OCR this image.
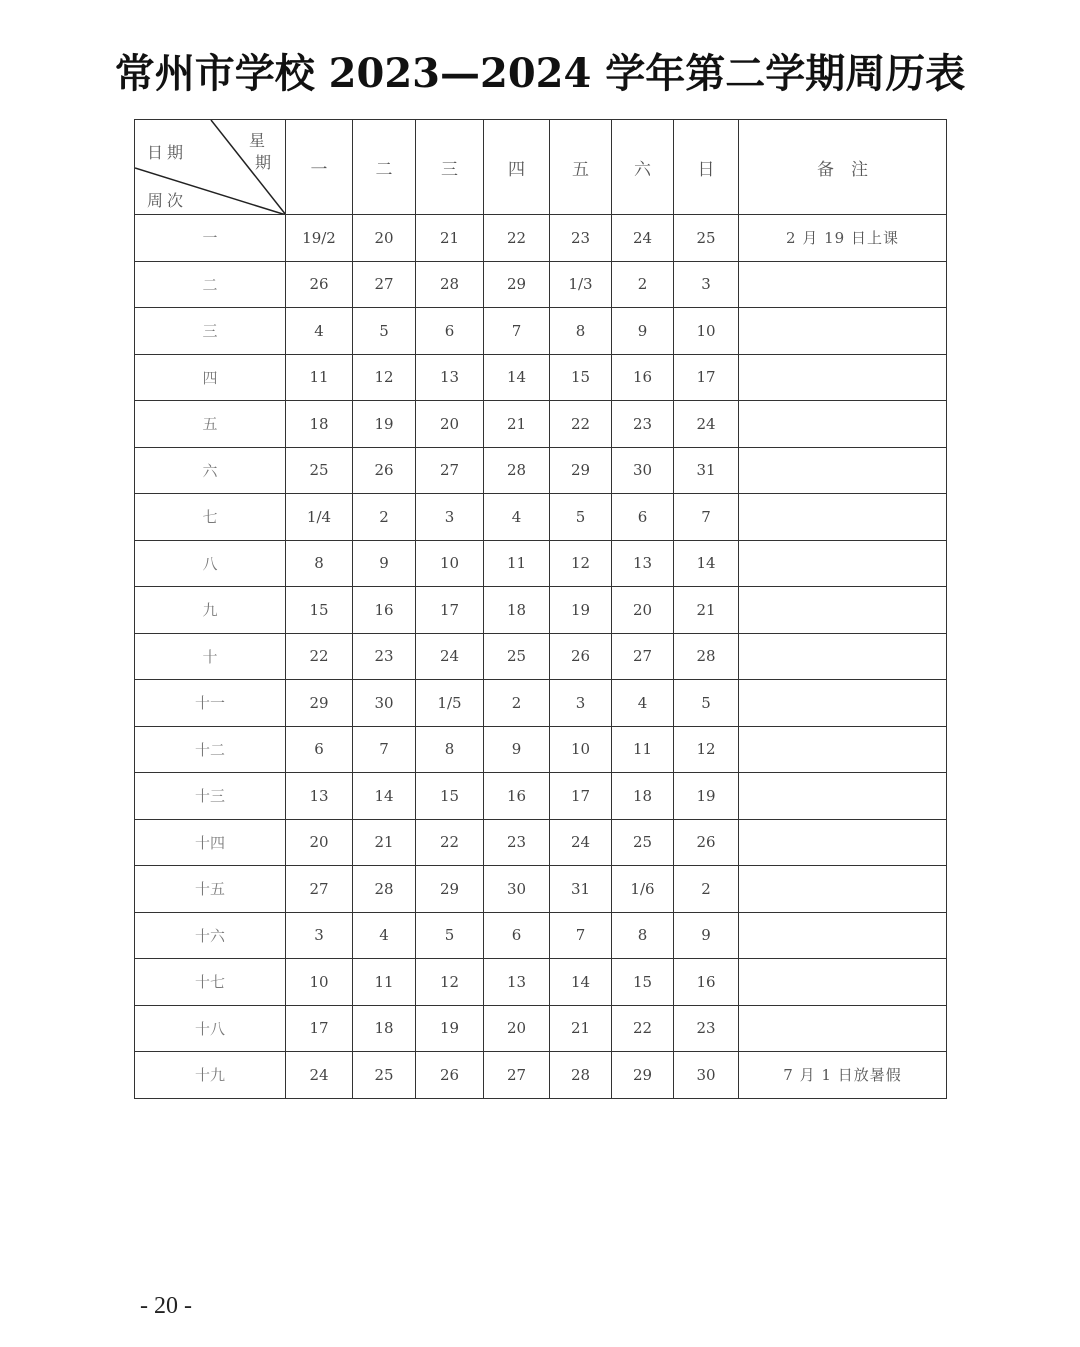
常州市学校 2023—2024 学年第二学期周历表
星
期
日期
周次	一	二	三	四	五	六	日	备　注
一	19/2	20	21	22	23	24	25	2 月 19 日上课
二	26	27	28	29	1/3	2	3	
三	4	5	6	7	8	9	10	
四	11	12	13	14	15	16	17	
五	18	19	20	21	22	23	24	
六	25	26	27	28	29	30	31	
七	1/4	2	3	4	5	6	7	
八	8	9	10	11	12	13	14	
九	15	16	17	18	19	20	21	
十	22	23	24	25	26	27	28	
十一	29	30	1/5	2	3	4	5	
十二	6	7	8	9	10	11	12	
十三	13	14	15	16	17	18	19	
十四	20	21	22	23	24	25	26	
十五	27	28	29	30	31	1/6	2	
十六	3	4	5	6	7	8	9	
十七	10	11	12	13	14	15	16	
十八	17	18	19	20	21	22	23	
十九	24	25	26	27	28	29	30	7 月 1 日放暑假
- 20 -
